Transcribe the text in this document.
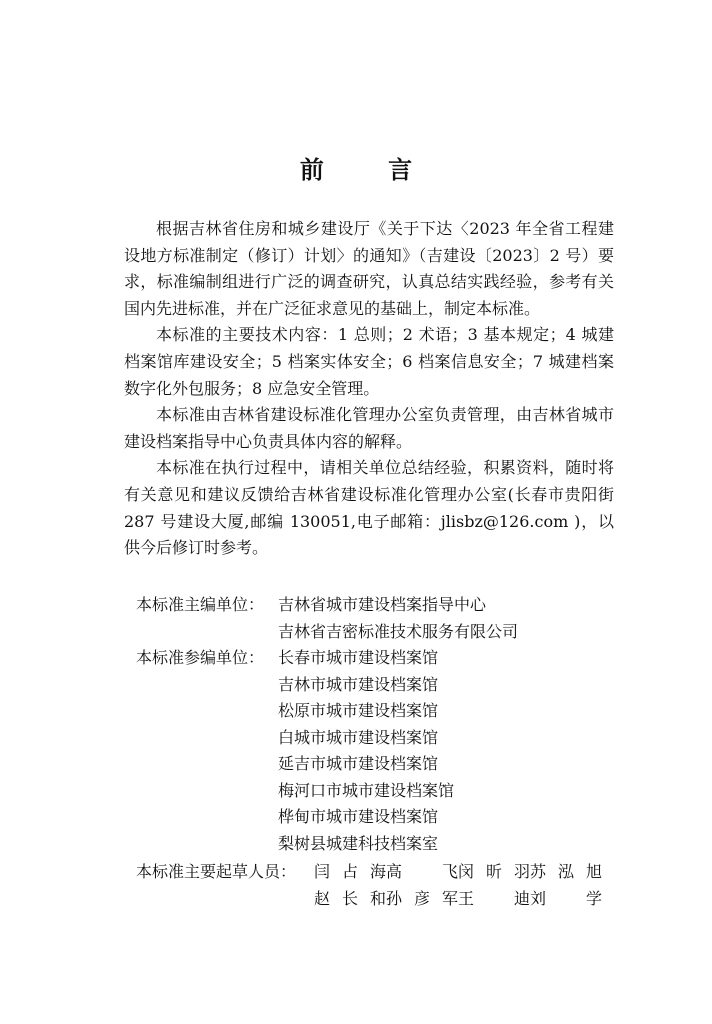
前 言

根据吉林省住房和城乡建设厅《关于下达〈2023 年全省工程建设地方标准制定（修订）计划〉的通知》（吉建设〔2023〕2 号）要求，标准编制组进行广泛的调查研究，认真总结实践经验，参考有关国内先进标准，并在广泛征求意见的基础上，制定本标准。

本标准的主要技术内容：1 总则；2 术语；3 基本规定；4 城建档案馆库建设安全；5 档案实体安全；6 档案信息安全；7 城建档案数字化外包服务；8 应急安全管理。

本标准由吉林省建设标准化管理办公室负责管理，由吉林省城市建设档案指导中心负责具体内容的解释。

本标准在执行过程中，请相关单位总结经验，积累资料，随时将有关意见和建议反馈给吉林省建设标准化管理办公室(长春市贵阳街 287 号建设大厦,邮编 130051,电子邮箱：jlisbz@126.com )，以供今后修订时参考。

本标准主编单位： 吉林省城市建设档案指导中心
吉林省吉密标准技术服务有限公司
本标准参编单位： 长春市城市建设档案馆
吉林市城市建设档案馆
松原市城市建设档案馆
白城市城市建设档案馆
延吉市城市建设档案馆
梅河口市城市建设档案馆
桦甸市城市建设档案馆
梨树县城建科技档案室
本标准主要起草人员：	闫占海 高　飞 闵昕羽 苏泓旭
赵长和 孙彦军 王　迪 刘　学
